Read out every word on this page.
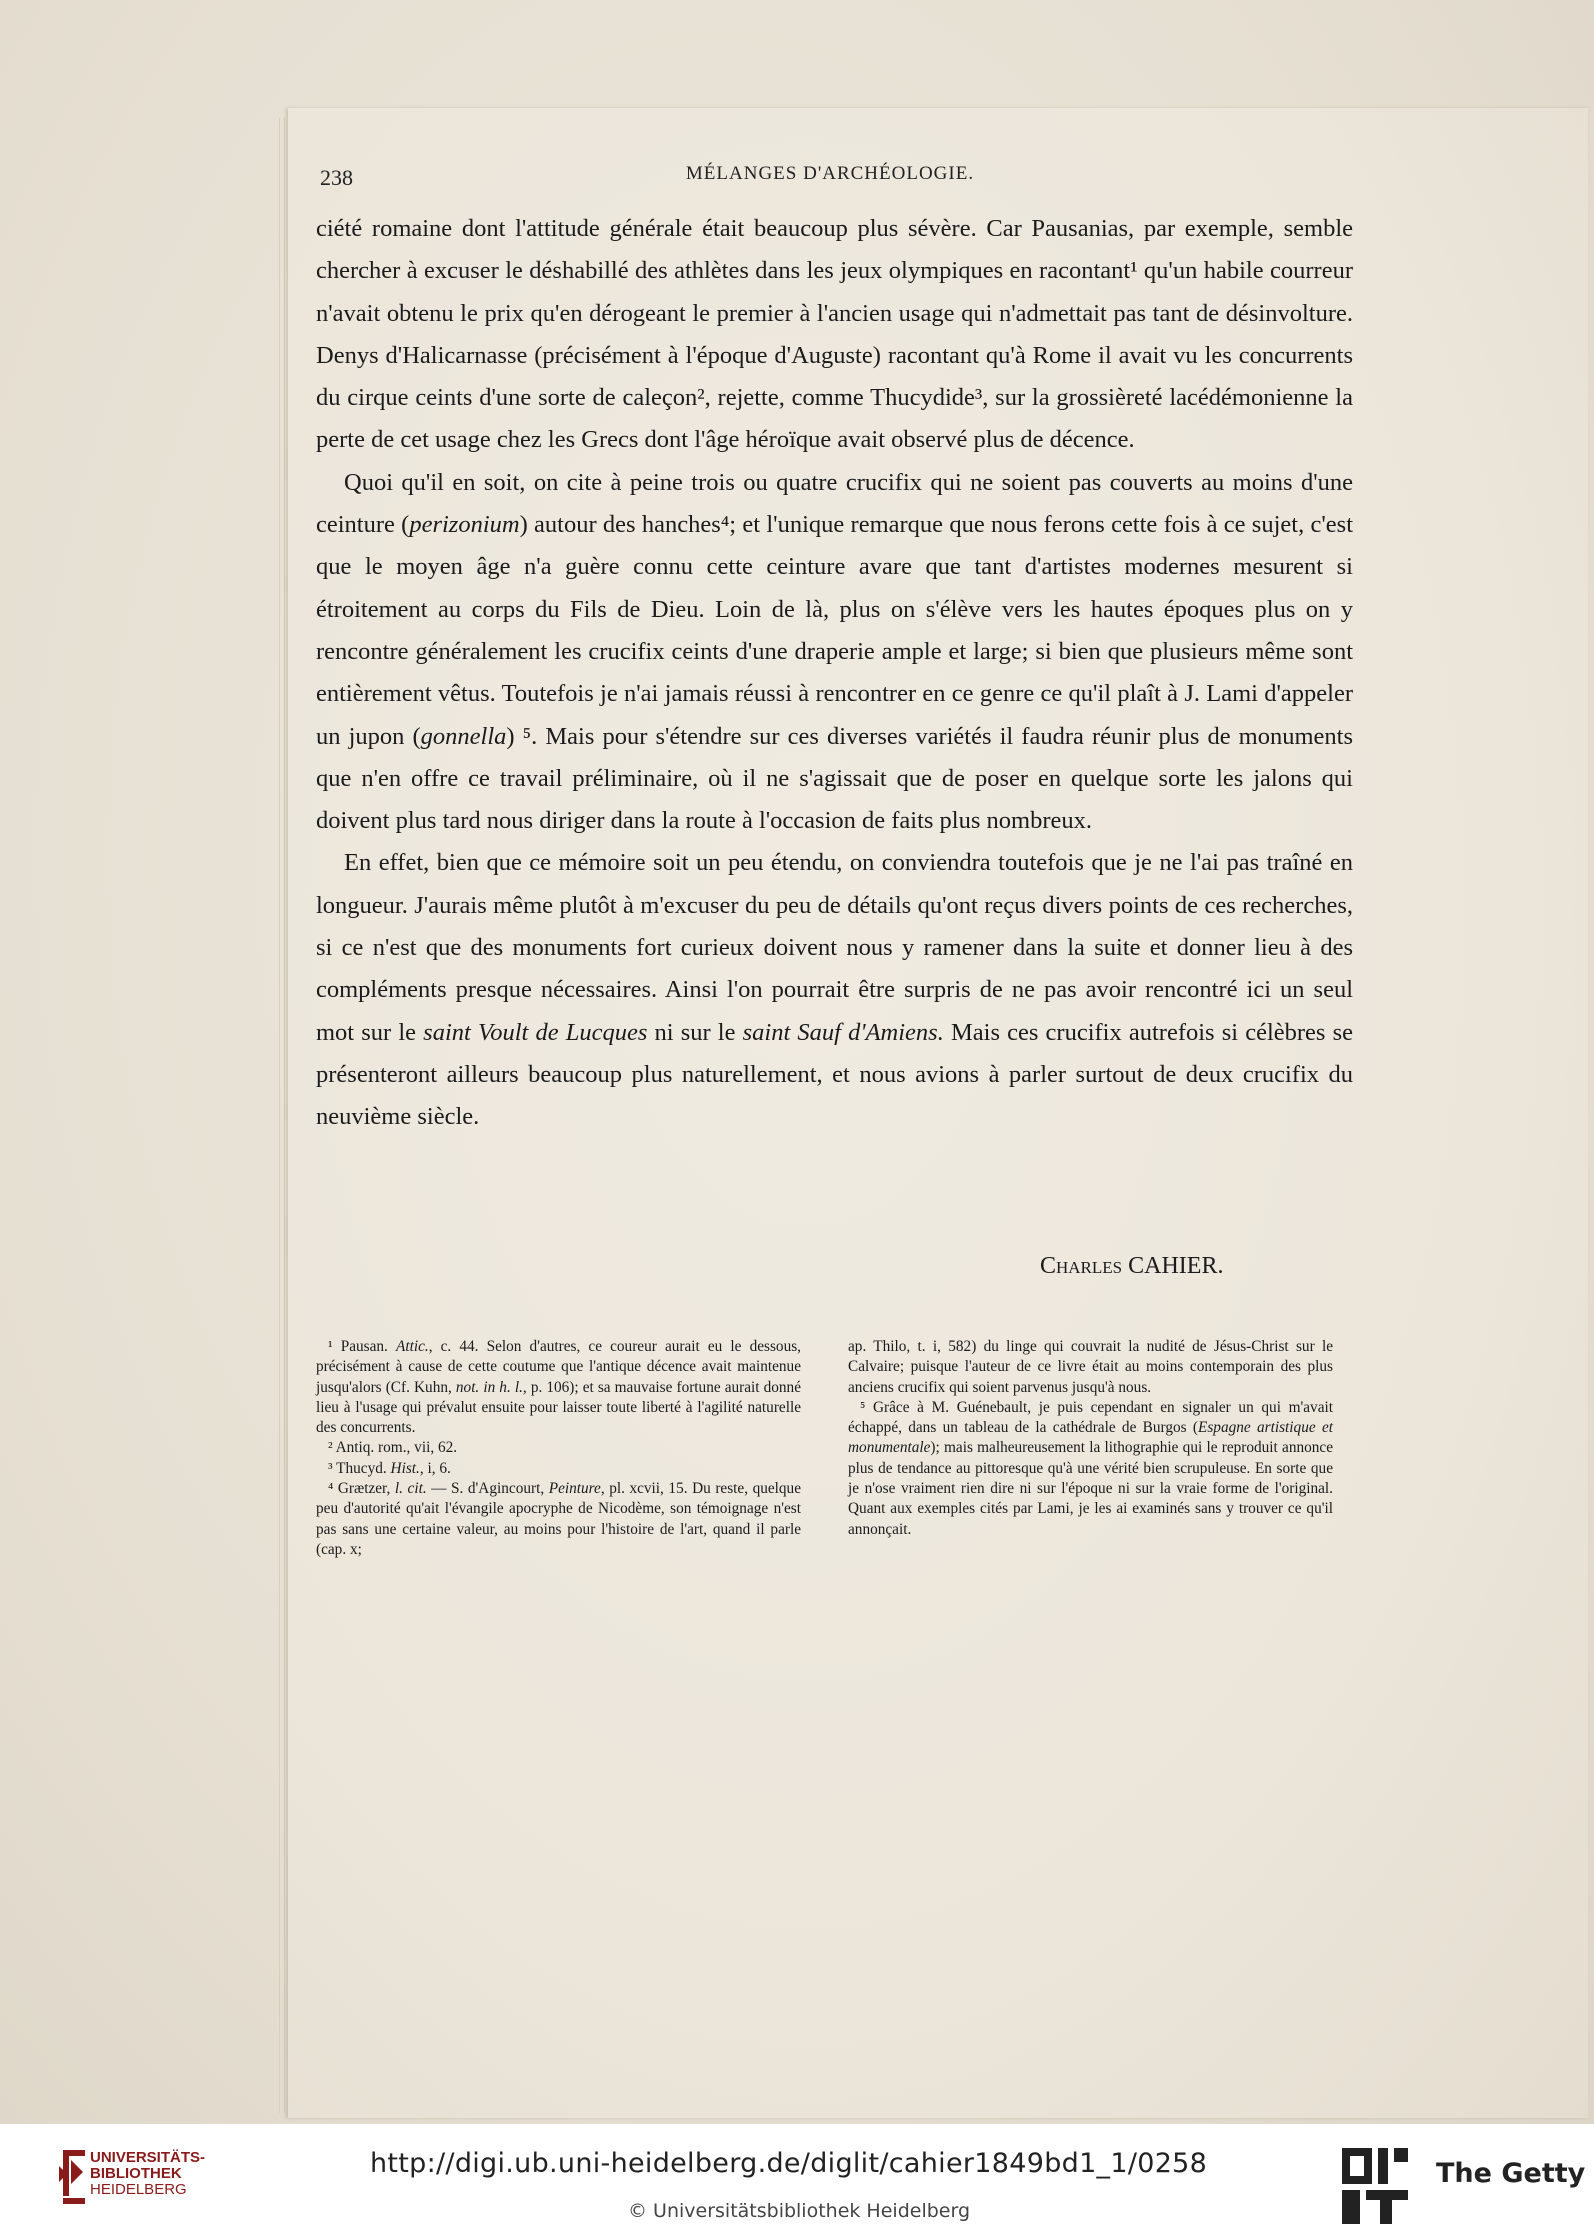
238	MÉLANGES D'ARCHÉOLOGIE.

ciété romaine dont l'attitude générale était beaucoup plus sévère. Car Pausanias, par exemple, semble chercher à excuser le déshabillé des athlètes dans les jeux olympiques en racontant¹ qu'un habile courreur n'avait obtenu le prix qu'en dérogeant le premier à l'ancien usage qui n'admettait pas tant de désinvolture. Denys d'Halicarnasse (précisément à l'époque d'Auguste) racontant qu'à Rome il avait vu les concurrents du cirque ceints d'une sorte de caleçon², rejette, comme Thucydide³, sur la grossièreté lacédémonienne la perte de cet usage chez les Grecs dont l'âge héroïque avait observé plus de décence.

Quoi qu'il en soit, on cite à peine trois ou quatre crucifix qui ne soient pas couverts au moins d'une ceinture (perizonium) autour des hanches⁴; et l'unique remarque que nous ferons cette fois à ce sujet, c'est que le moyen âge n'a guère connu cette ceinture avare que tant d'artistes modernes mesurent si étroitement au corps du Fils de Dieu. Loin de là, plus on s'élève vers les hautes époques plus on y rencontre généralement les crucifix ceints d'une draperie ample et large; si bien que plusieurs même sont entièrement vêtus. Toutefois je n'ai jamais réussi à rencontrer en ce genre ce qu'il plaît à J. Lami d'appeler un jupon (gonnella) ⁵. Mais pour s'étendre sur ces diverses variétés il faudra réunir plus de monuments que n'en offre ce travail préliminaire, où il ne s'agissait que de poser en quelque sorte les jalons qui doivent plus tard nous diriger dans la route à l'occasion de faits plus nombreux.

En effet, bien que ce mémoire soit un peu étendu, on conviendra toutefois que je ne l'ai pas traîné en longueur. J'aurais même plutôt à m'excuser du peu de détails qu'ont reçus divers points de ces recherches, si ce n'est que des monuments fort curieux doivent nous y ramener dans la suite et donner lieu à des compléments presque nécessaires. Ainsi l'on pourrait être surpris de ne pas avoir rencontré ici un seul mot sur le saint Voult de Lucques ni sur le saint Sauf d'Amiens. Mais ces crucifix autrefois si célèbres se présenteront ailleurs beaucoup plus naturellement, et nous avions à parler surtout de deux crucifix du neuvième siècle.

Charles CAHIER.

¹ Pausan. Attic., c. 44. Selon d'autres, ce coureur aurait eu le dessous, précisément à cause de cette coutume que l'antique décence avait maintenue jusqu'alors (Cf. Kuhn, not. in h. l., p. 106); et sa mauvaise fortune aurait donné lieu à l'usage qui prévalut ensuite pour laisser toute liberté à l'agilité naturelle des concurrents.

² Antiq. rom., vii, 62.

³ Thucyd. Hist., i, 6.

⁴ Grætzer, l. cit. — S. d'Agincourt, Peinture, pl. xcvii, 15. Du reste, quelque peu d'autorité qu'ait l'évangile apocryphe de Nicodème, son témoignage n'est pas sans une certaine valeur, au moins pour l'histoire de l'art, quand il parle (cap. x;

ap. Thilo, t. i, 582) du linge qui couvrait la nudité de Jésus-Christ sur le Calvaire; puisque l'auteur de ce livre était au moins contemporain des plus anciens crucifix qui soient parvenus jusqu'à nous.

⁵ Grâce à M. Guénebault, je puis cependant en signaler un qui m'avait échappé, dans un tableau de la cathédrale de Burgos (Espagne artistique et monumentale); mais malheureusement la lithographie qui le reproduit annonce plus de tendance au pittoresque qu'à une vérité bien scrupuleuse. En sorte que je n'ose vraiment rien dire ni sur l'époque ni sur la vraie forme de l'original. Quant aux exemples cités par Lami, je les ai examinés sans y trouver ce qu'il annonçait.

UNIVERSITÄTS-
BIBLIOTHEK
HEIDELBERG
http://digi.ub.uni-heidelberg.de/diglit/cahier1849bd1_1/0258
© Universitätsbibliothek Heidelberg
The Getty
